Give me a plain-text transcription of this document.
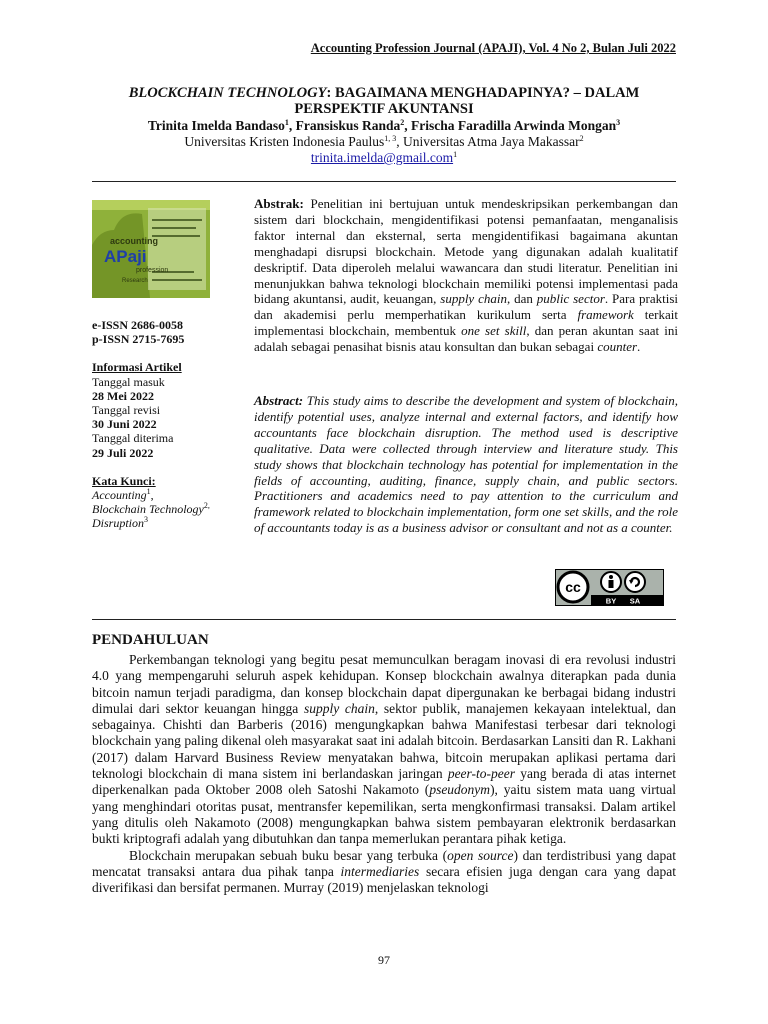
Accounting Profession Journal (APAJI), Vol. 4 No 2, Bulan Juli 2022
BLOCKCHAIN TECHNOLOGY: BAGAIMANA MENGHADAPINYA? – DALAM
PERSPEKTIF AKUNTANSI
Trinita Imelda Bandaso$^1$, Fransiskus Randa$^2$, Frischa Faradilla Arwinda Mongan$^3$
Universitas Kristen Indonesia Paulus$^{1, 3}$, Universitas Atma Jaya Makassar$^2$
trinita.imelda@gmail.com$^1$
accounting
APaji
profession
Research
e-ISSN 2686-0058
p-ISSN 2715-7695
Informasi Artikel
Tanggal masuk
28 Mei 2022
Tanggal revisi
30 Juni 2022
Tanggal diterima
29 Juli 2022
Kata Kunci:
Accounting$^1$,
Blockchain Technology$^{2,}$
Disruption$^3$
Abstrak: Penelitian ini bertujuan untuk mendeskripsikan perkembangan dan sistem dari blockchain, mengidentifikasi potensi pemanfaatan, menganalisis faktor internal dan eksternal, serta mengidentifikasi bagaimana akuntan menghadapi disrupsi blockchain. Metode yang digunakan adalah kualitatif deskriptif. Data diperoleh melalui wawancara dan studi literatur. Penelitian ini menunjukkan bahwa teknologi blockchain memiliki potensi implementasi pada bidang akuntansi, audit, keuangan, supply chain, dan public sector. Para praktisi dan akademisi perlu memperhatikan kurikulum serta framework terkait implementasi blockchain, membentuk one set skill, dan peran akuntan saat ini adalah sebagai penasihat bisnis atau konsultan dan bukan sebagai counter.
Abstract: This study aims to describe the development and system of blockchain, identify potential uses, analyze internal and external factors, and identify how accountants face blockchain disruption. The method used is descriptive qualitative. Data were collected through interview and literature study. This study shows that blockchain technology has potential for implementation in the fields of accounting, auditing, finance, supply chain, and public sectors. Practitioners and academics need to pay attention to the curriculum and framework related to blockchain implementation, form one set skills, and the role of accountants today is as a business advisor or consultant and not as a counter.
cc
BY SA
PENDAHULUAN

Perkembangan teknologi yang begitu pesat memunculkan beragam inovasi di era revolusi industri 4.0 yang mempengaruhi seluruh aspek kehidupan. Konsep blockchain awalnya diterapkan pada dunia bitcoin namun terjadi paradigma, dan konsep blockchain dapat dipergunakan ke berbagai bidang industri dimulai dari sektor keuangan hingga supply chain, sektor publik, manajemen kekayaan intelektual, dan sebagainya. Chishti dan Barberis (2016) mengungkapkan bahwa Manifestasi terbesar dari teknologi blockchain yang paling dikenal oleh masyarakat saat ini adalah bitcoin. Berdasarkan Lansiti dan R. Lakhani (2017) dalam Harvard Business Review menyatakan bahwa, bitcoin merupakan aplikasi pertama dari teknologi blockchain di mana sistem ini berlandaskan jaringan peer-to-peer yang berada di atas internet diperkenalkan pada Oktober 2008 oleh Satoshi Nakamoto (pseudonym), yaitu sistem mata uang virtual yang menghindari otoritas pusat, mentransfer kepemilikan, serta mengkonfirmasi transaksi. Dalam artikel yang ditulis oleh Nakamoto (2008) mengungkapkan bahwa sistem pembayaran elektronik berdasarkan bukti kriptografi adalah yang dibutuhkan dan tanpa memerlukan perantara pihak ketiga.

Blockchain merupakan sebuah buku besar yang terbuka (open source) dan terdistribusi yang dapat mencatat transaksi antara dua pihak tanpa intermediaries secara efisien juga dengan cara yang dapat diverifikasi dan bersifat permanen. Murray (2019) menjelaskan teknologi

97
